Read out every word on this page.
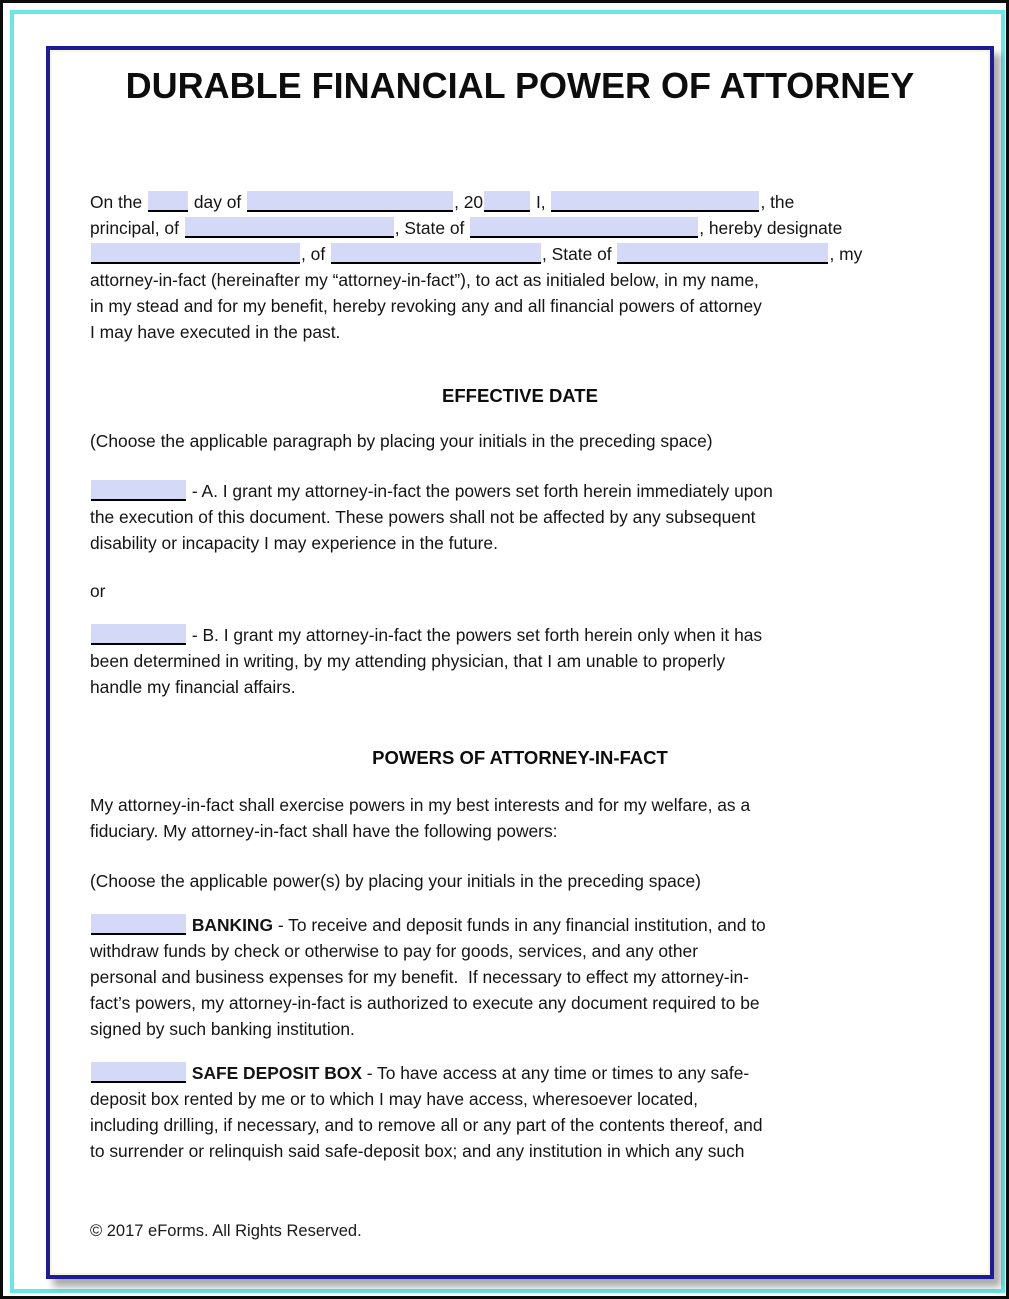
DURABLE FINANCIAL POWER OF ATTORNEY
On the  day of	, 20	I,	, the
principal, of	, State of	, hereby designate
, of	, State of	, my
attorney-in-fact (hereinafter my “attorney-in-fact”), to act as initialed below, in my name,
in my stead and for my benefit, hereby revoking any and all financial powers of attorney
I may have executed in the past.
EFFECTIVE DATE
(Choose the applicable paragraph by placing your initials in the preceding space)
- A. I grant my attorney-in-fact the powers set forth herein immediately upon
the execution of this document. These powers shall not be affected by any subsequent
disability or incapacity I may experience in the future.
or
- B. I grant my attorney-in-fact the powers set forth herein only when it has
been determined in writing, by my attending physician, that I am unable to properly
handle my financial affairs.
POWERS OF ATTORNEY-IN-FACT
My attorney-in-fact shall exercise powers in my best interests and for my welfare, as a
fiduciary. My attorney-in-fact shall have the following powers:
(Choose the applicable power(s) by placing your initials in the preceding space)
BANKING - To receive and deposit funds in any financial institution, and to
withdraw funds by check or otherwise to pay for goods, services, and any other
personal and business expenses for my benefit.  If necessary to effect my attorney-in-
fact’s powers, my attorney-in-fact is authorized to execute any document required to be
signed by such banking institution.
SAFE DEPOSIT BOX - To have access at any time or times to any safe-
deposit box rented by me or to which I may have access, wheresoever located,
including drilling, if necessary, and to remove all or any part of the contents thereof, and
to surrender or relinquish said safe-deposit box; and any institution in which any such
© 2017 eForms. All Rights Reserved.
